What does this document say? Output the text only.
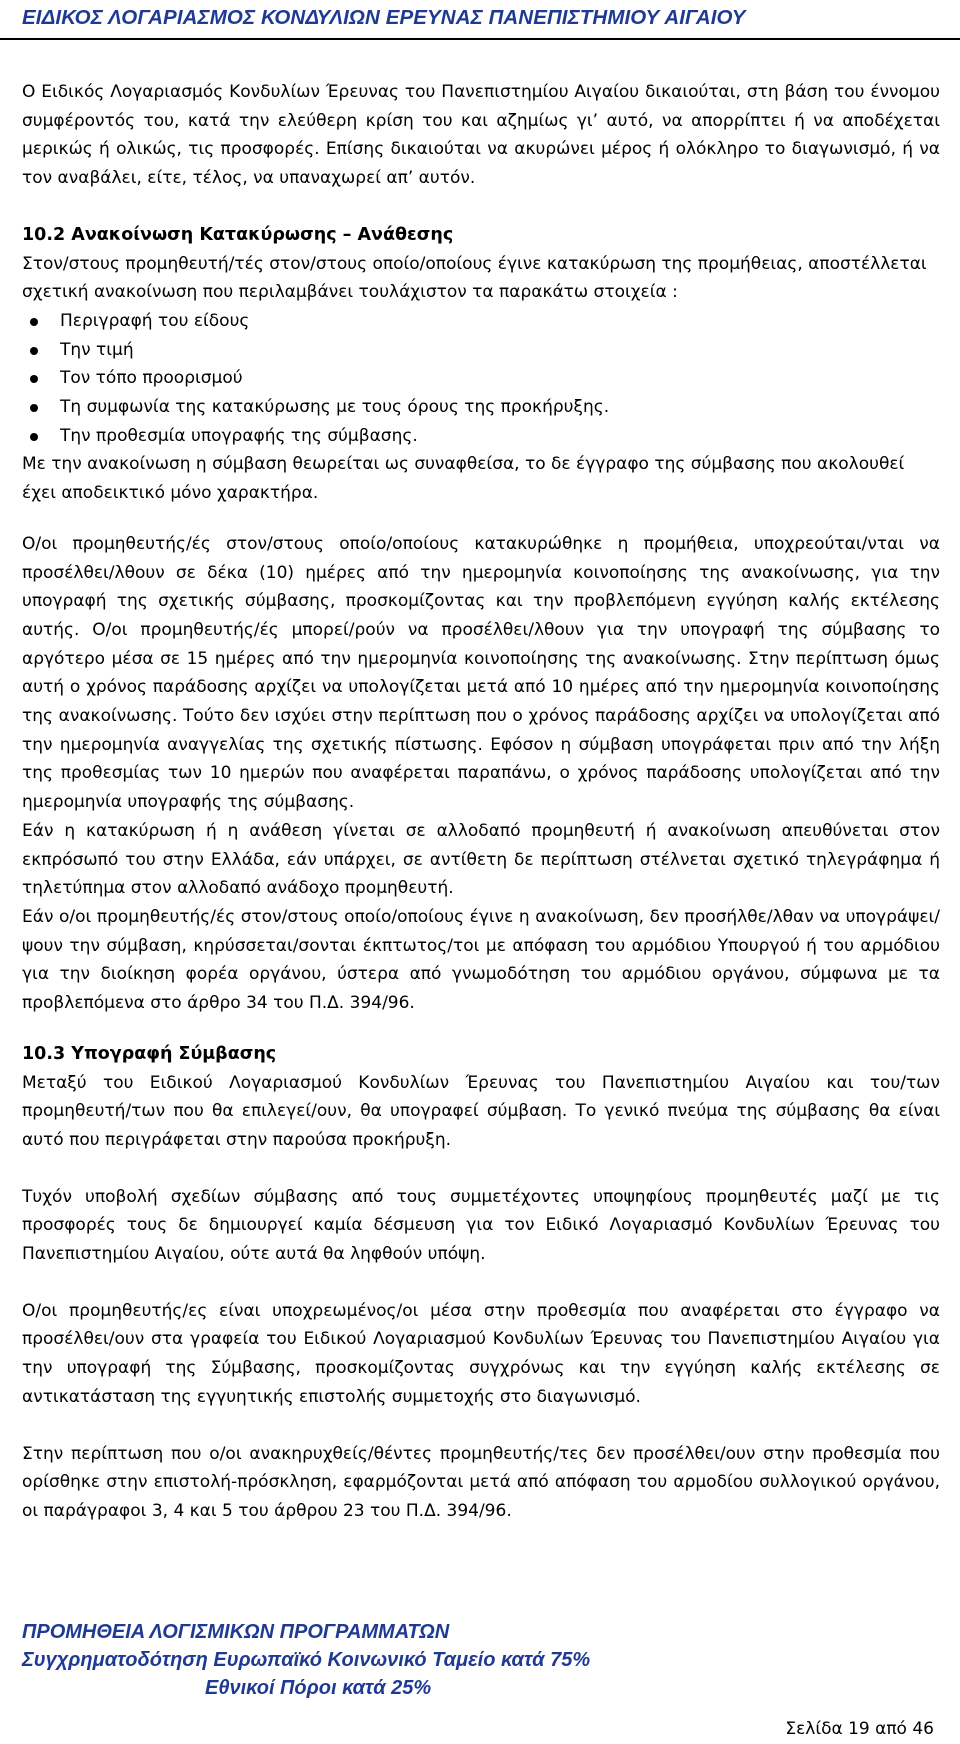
ΕΙΔΙΚΟΣ ΛΟΓΑΡΙΑΣΜΟΣ ΚΟΝΔΥΛΙΩΝ ΕΡΕΥΝΑΣ ΠΑΝΕΠΙΣΤΗΜΙΟΥ ΑΙΓΑΙΟΥ

Ο Ειδικός Λογαριασμός Κονδυλίων Έρευνας του Πανεπιστημίου Αιγαίου δικαιούται, στη βάση του έννομου συμφέροντός του, κατά την ελεύθερη κρίση του και αζημίως γι’ αυτό, να απορρίπτει ή να αποδέχεται μερικώς ή ολικώς, τις προσφορές. Επίσης δικαιούται να ακυρώνει μέρος ή ολόκληρο το διαγωνισμό, ή να τον αναβάλει, είτε, τέλος, να υπαναχωρεί απ’ αυτόν.

10.2 Ανακοίνωση Κατακύρωσης – Ανάθεσης

Στον/στους προμηθευτή/τές στον/στους οποίο/οποίους έγινε κατακύρωση της προμήθειας, αποστέλλεται σχετική ανακοίνωση που περιλαμβάνει τουλάχιστον τα παρακάτω στοιχεία :

Περιγραφή του είδους
Την τιμή
Τον τόπο προορισμού
Τη συμφωνία της κατακύρωσης με τους όρους της προκήρυξης.
Την προθεσμία υπογραφής της σύμβασης.

Με την ανακοίνωση η σύμβαση θεωρείται ως συναφθείσα, το δε έγγραφο της σύμβασης που ακολουθεί έχει αποδεικτικό μόνο χαρακτήρα.

Ο/οι προμηθευτής/ές στον/στους οποίο/οποίους κατακυρώθηκε η προμήθεια, υποχρεούται/νται να προσέλθει/λθουν σε δέκα (10) ημέρες από την ημερομηνία κοινοποίησης της ανακοίνωσης, για την υπογραφή της σχετικής σύμβασης, προσκομίζοντας και την προβλεπόμενη εγγύηση καλής εκτέλεσης αυτής. Ο/οι προμηθευτής/ές μπορεί/ρούν να προσέλθει/λθουν για την υπογραφή της σύμβασης το αργότερο μέσα σε 15 ημέρες από την ημερομηνία κοινοποίησης της ανακοίνωσης. Στην περίπτωση όμως αυτή ο χρόνος παράδοσης αρχίζει να υπολογίζεται μετά από 10 ημέρες από την ημερομηνία κοινοποίησης της ανακοίνωσης. Τούτο δεν ισχύει στην περίπτωση που ο χρόνος παράδοσης αρχίζει να υπολογίζεται από την ημερομηνία αναγγελίας της σχετικής πίστωσης. Εφόσον η σύμβαση υπογράφεται πριν από την λήξη της προθεσμίας των 10 ημερών που αναφέρεται παραπάνω, ο χρόνος παράδοσης υπολογίζεται από την ημερομηνία υπογραφής της σύμβασης.

Εάν η κατακύρωση ή η ανάθεση γίνεται σε αλλοδαπό προμηθευτή ή ανακοίνωση απευθύνεται στον εκπρόσωπό του στην Ελλάδα, εάν υπάρχει, σε αντίθετη δε περίπτωση στέλνεται σχετικό τηλεγράφημα ή τηλετύπημα στον αλλοδαπό ανάδοχο προμηθευτή.

Εάν ο/οι προμηθευτής/ές στον/στους οποίο/οποίους έγινε η ανακοίνωση, δεν προσήλθε/λθαν να υπογράψει/ψουν την σύμβαση, κηρύσσεται/σονται έκπτωτος/τοι με απόφαση του αρμόδιου Υπουργού ή του αρμόδιου για την διοίκηση φορέα οργάνου, ύστερα από γνωμοδότηση του αρμόδιου οργάνου, σύμφωνα με τα προβλεπόμενα στο άρθρο 34 του Π.Δ. 394/96.

10.3 Υπογραφή Σύμβασης

Μεταξύ του Ειδικού Λογαριασμού Κονδυλίων Έρευνας του Πανεπιστημίου Αιγαίου και του/των προμηθευτή/των που θα επιλεγεί/ουν, θα υπογραφεί σύμβαση. Το γενικό πνεύμα της σύμβασης θα είναι αυτό που περιγράφεται στην παρούσα προκήρυξη.

Τυχόν υποβολή σχεδίων σύμβασης από τους συμμετέχοντες υποψηφίους προμηθευτές μαζί με τις προσφορές τους δε δημιουργεί καμία δέσμευση για τον Ειδικό Λογαριασμό Κονδυλίων Έρευνας του Πανεπιστημίου Αιγαίου, ούτε αυτά θα ληφθούν υπόψη.

Ο/οι προμηθευτής/ες είναι υποχρεωμένος/οι μέσα στην προθεσμία που αναφέρεται στο έγγραφο να προσέλθει/ουν στα γραφεία του Ειδικού Λογαριασμού Κονδυλίων Έρευνας του Πανεπιστημίου Αιγαίου για την υπογραφή της Σύμβασης, προσκομίζοντας συγχρόνως και την εγγύηση καλής εκτέλεσης σε αντικατάσταση της εγγυητικής επιστολής συμμετοχής στο διαγωνισμό.

Στην περίπτωση που ο/οι ανακηρυχθείς/θέντες προμηθευτής/τες δεν προσέλθει/ουν στην προθεσμία που ορίσθηκε στην επιστολή-πρόσκληση, εφαρμόζονται μετά από απόφαση του αρμοδίου συλλογικού οργάνου, οι παράγραφοι 3, 4 και 5 του άρθρου 23 του Π.Δ. 394/96.

ΠΡΟΜΗΘΕΙΑ ΛΟΓΙΣΜΙΚΩΝ ΠΡΟΓΡΑΜΜΑΤΩΝ
Συγχρηματοδότηση Ευρωπαϊκό Κοινωνικό Ταμείο κατά 75%
Εθνικοί Πόροι κατά 25%
Σελίδα 19 από 46
